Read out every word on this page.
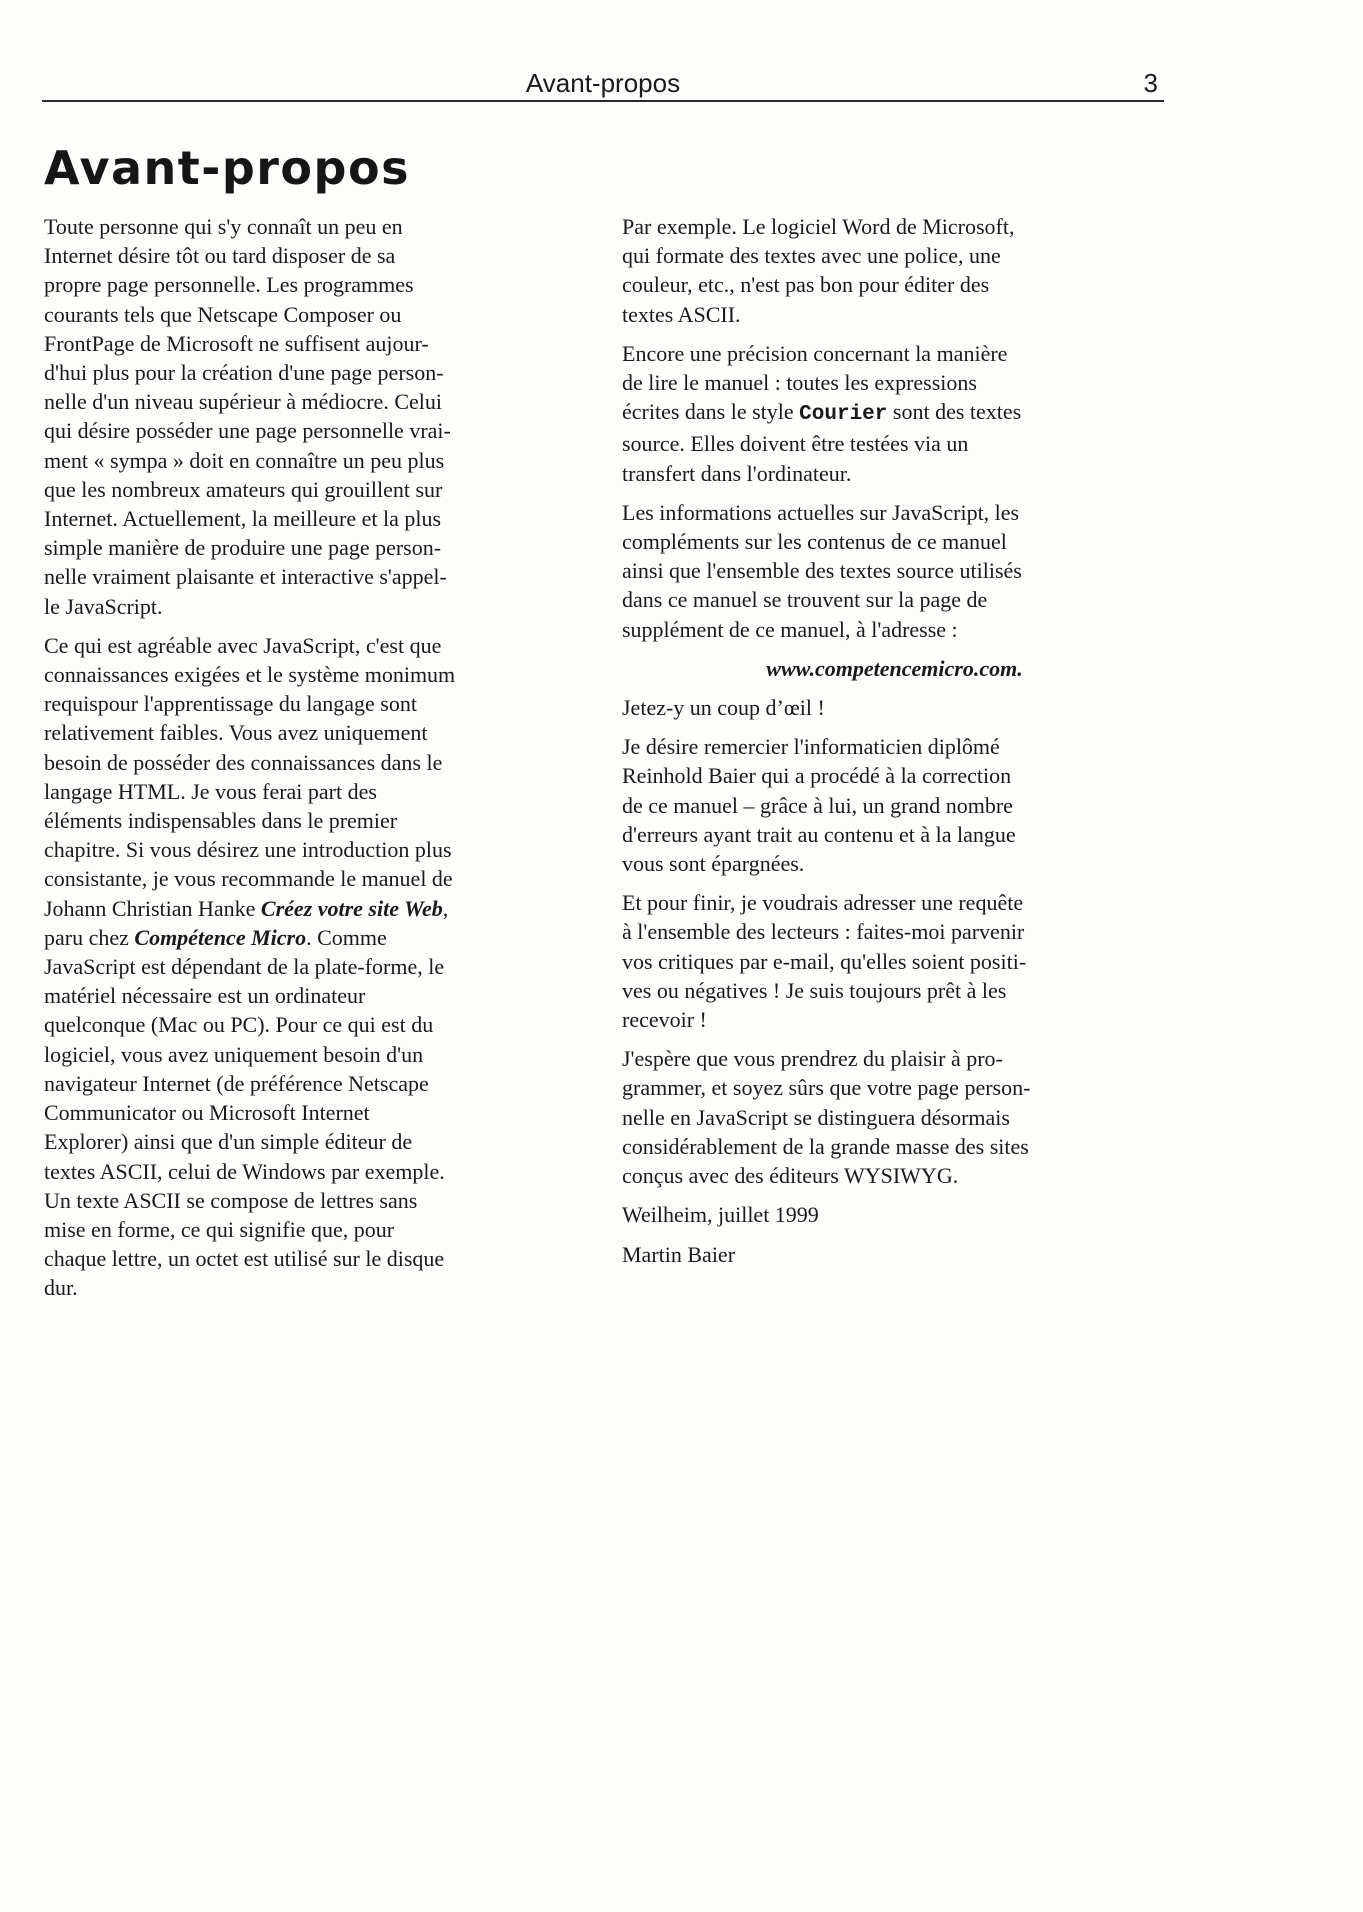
Avant-propos	3
Avant-propos

Toute personne qui s'y connaît un peu en
Internet désire tôt ou tard disposer de sa
propre page personnelle. Les programmes
courants tels que Netscape Composer ou
FrontPage de Microsoft ne suffisent aujour-
d'hui plus pour la création d'une page person-
nelle d'un niveau supérieur à médiocre. Celui
qui désire posséder une page personnelle vrai-
ment « sympa » doit en connaître un peu plus
que les nombreux amateurs qui grouillent sur
Internet. Actuellement, la meilleure et la plus
simple manière de produire une page person-
nelle vraiment plaisante et interactive s'appel-
le JavaScript.

Ce qui est agréable avec JavaScript, c'est que
connaissances exigées et le système monimum
requispour l'apprentissage du langage sont
relativement faibles. Vous avez uniquement
besoin de posséder des connaissances dans le
langage HTML. Je vous ferai part des
éléments indispensables dans le premier
chapitre. Si vous désirez une introduction plus
consistante, je vous recommande le manuel de
Johann Christian Hanke Créez votre site Web,
paru chez Compétence Micro. Comme
JavaScript est dépendant de la plate-forme, le
matériel nécessaire est un ordinateur
quelconque (Mac ou PC). Pour ce qui est du
logiciel, vous avez uniquement besoin d'un
navigateur Internet (de préférence Netscape
Communicator ou Microsoft Internet
Explorer) ainsi que d'un simple éditeur de
textes ASCII, celui de Windows par exemple.
Un texte ASCII se compose de lettres sans
mise en forme, ce qui signifie que, pour
chaque lettre, un octet est utilisé sur le disque
dur.

Par exemple. Le logiciel Word de Microsoft,
qui formate des textes avec une police, une
couleur, etc., n'est pas bon pour éditer des
textes ASCII.

Encore une précision concernant la manière
de lire le manuel : toutes les expressions
écrites dans le style Courier sont des textes
source. Elles doivent être testées via un
transfert dans l'ordinateur.

Les informations actuelles sur JavaScript, les
compléments sur les contenus de ce manuel
ainsi que l'ensemble des textes source utilisés
dans ce manuel se trouvent sur la page de
supplément de ce manuel, à l'adresse :

www.competencemicro.com.

Jetez-y un coup d’œil !

Je désire remercier l'informaticien diplômé
Reinhold Baier qui a procédé à la correction
de ce manuel – grâce à lui, un grand nombre
d'erreurs ayant trait au contenu et à la langue
vous sont épargnées.

Et pour finir, je voudrais adresser une requête
à l'ensemble des lecteurs : faites-moi parvenir
vos critiques par e-mail, qu'elles soient positi-
ves ou négatives ! Je suis toujours prêt à les
recevoir !

J'espère que vous prendrez du plaisir à pro-
grammer, et soyez sûrs que votre page person-
nelle en JavaScript se distinguera désormais
considérablement de la grande masse des sites
conçus avec des éditeurs WYSIWYG.

Weilheim, juillet 1999

Martin Baier
